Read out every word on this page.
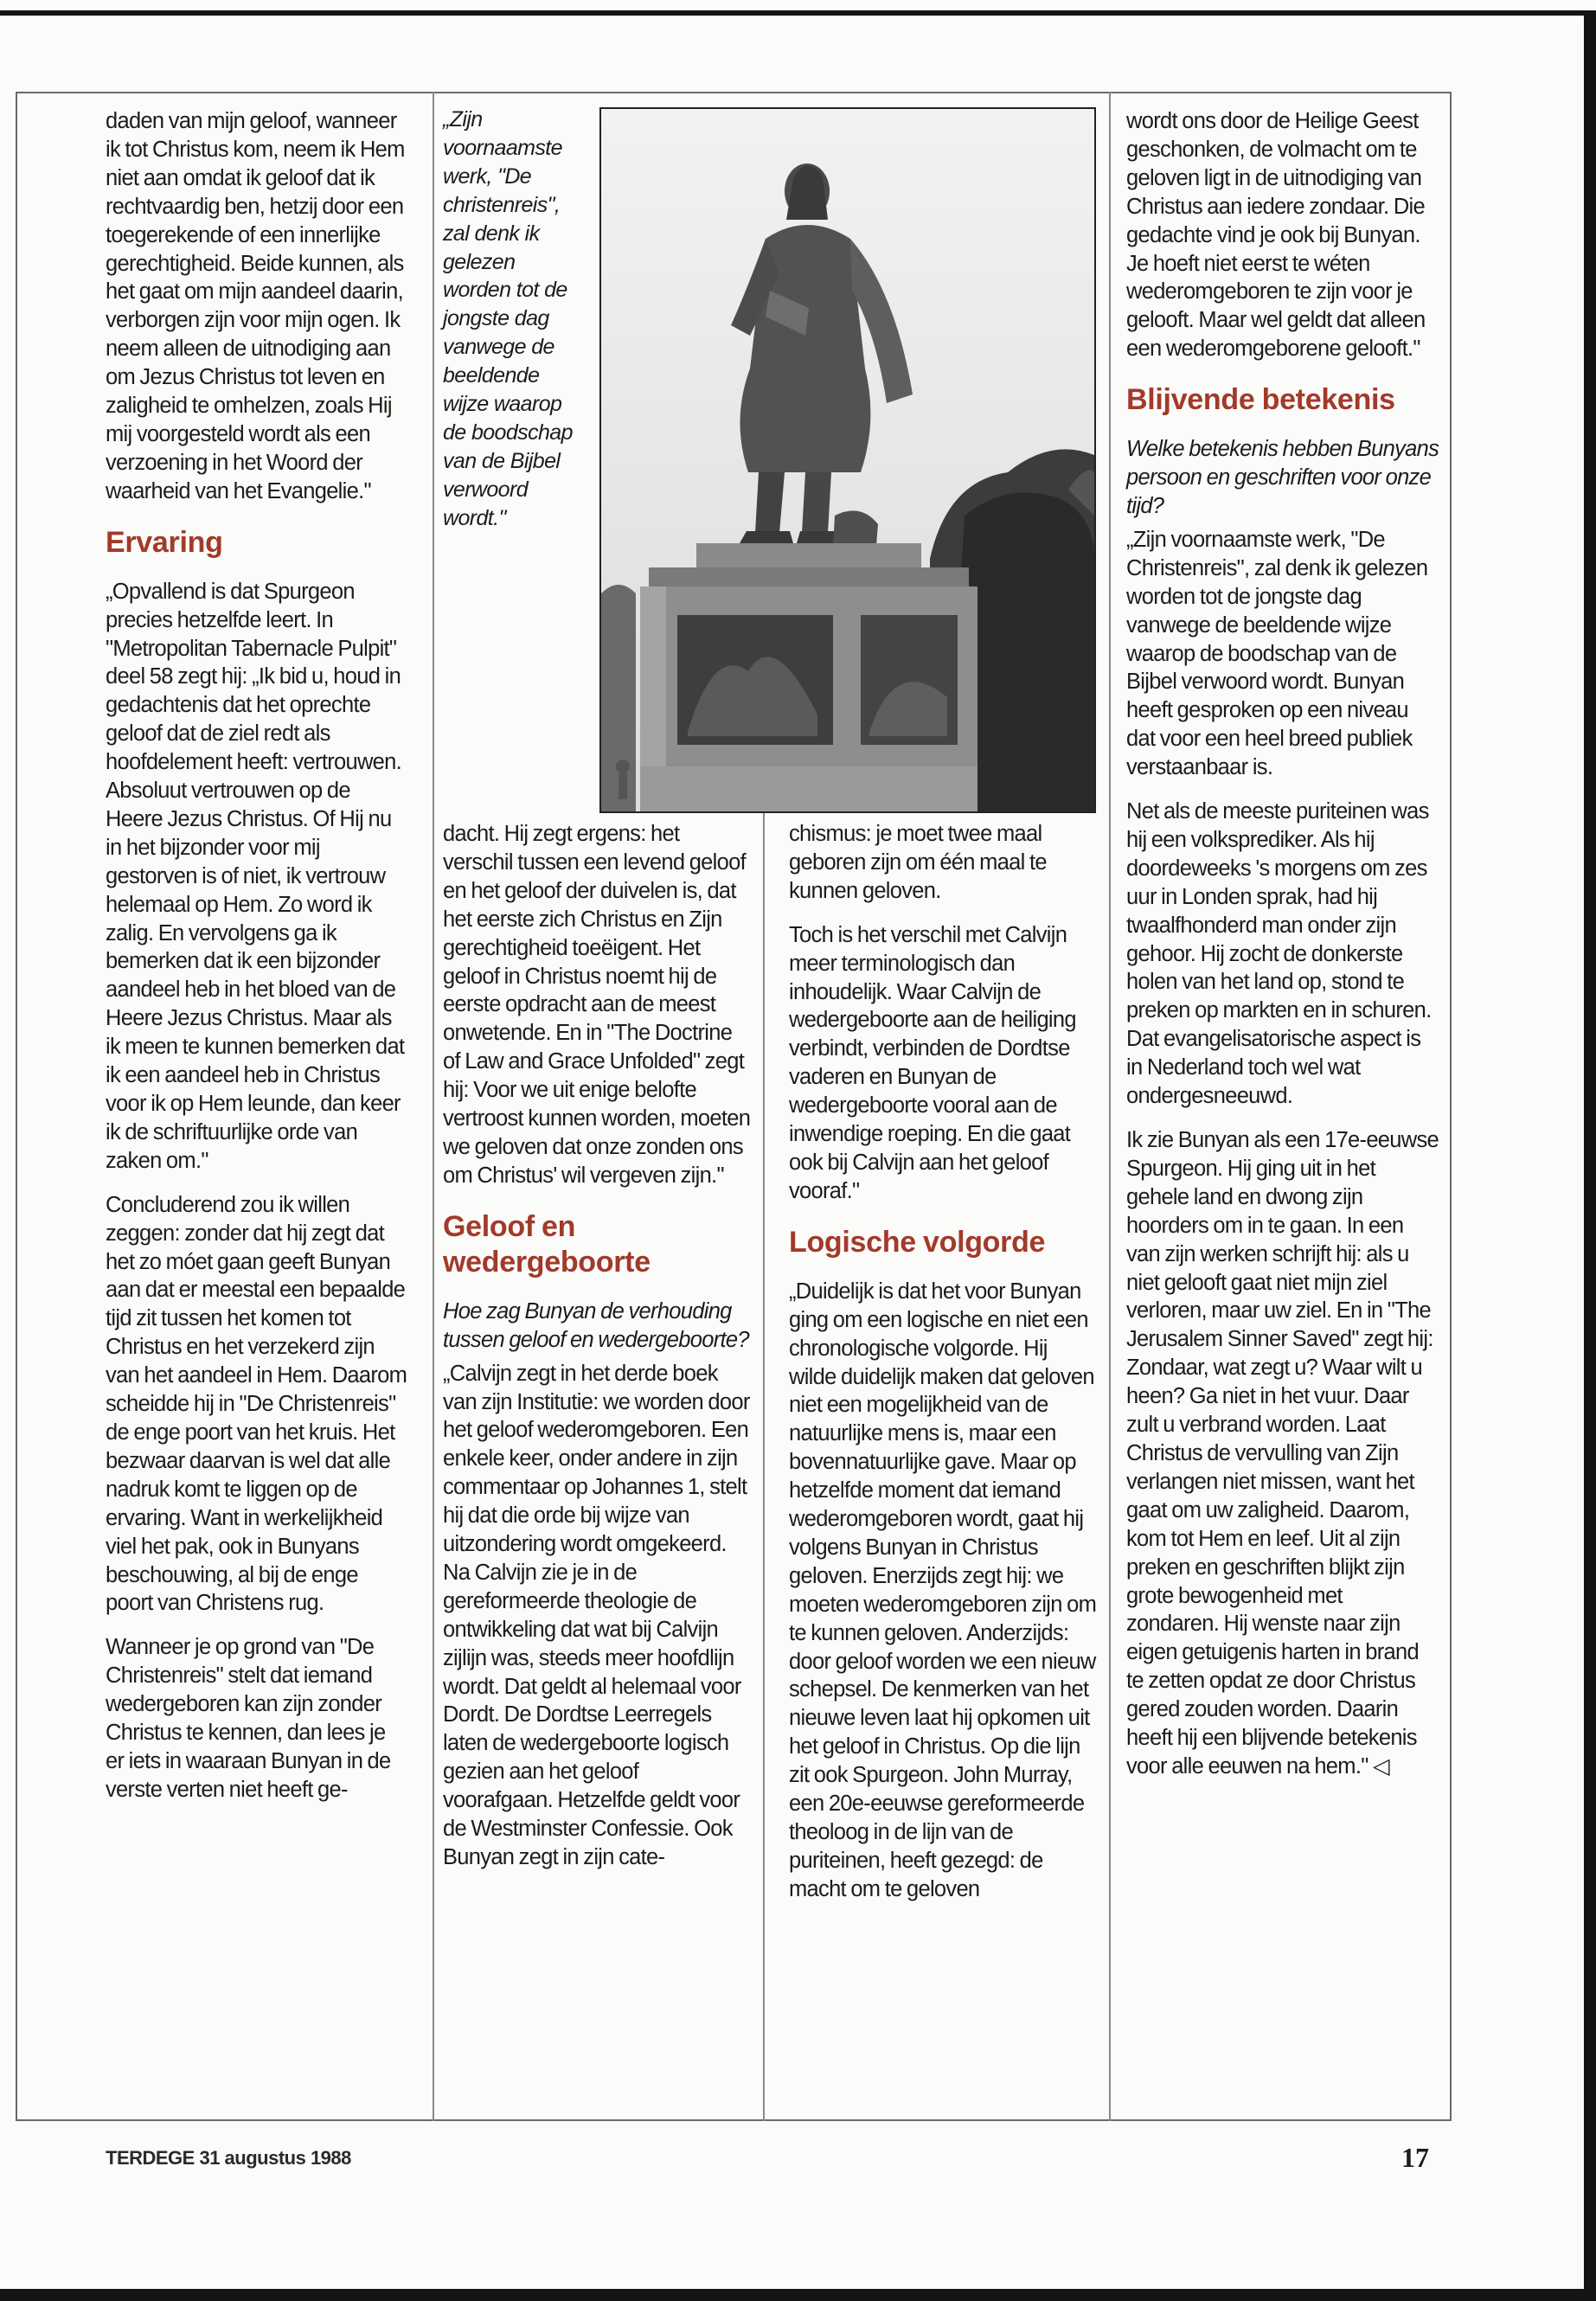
daden van mijn geloof, wanneer ik tot Christus kom, neem ik Hem niet aan omdat ik geloof dat ik rechtvaardig ben, hetzij door een toegerekende of een innerlijke gerechtigheid. Beide kunnen, als het gaat om mijn aandeel daarin, verborgen zijn voor mijn ogen. Ik neem alleen de uitnodiging aan om Jezus Christus tot leven en zaligheid te omhelzen, zoals Hij mij voorgesteld wordt als een verzoening in het Woord der waarheid van het Evangelie."

Ervaring

„Opvallend is dat Spurgeon precies hetzelfde leert. In "Metropolitan Tabernacle Pulpit" deel 58 zegt hij: „Ik bid u, houd in gedachtenis dat het oprechte geloof dat de ziel redt als hoofdelement heeft: vertrouwen. Absoluut vertrouwen op de Heere Jezus Christus. Of Hij nu in het bijzonder voor mij gestorven is of niet, ik vertrouw helemaal op Hem. Zo word ik zalig. En vervolgens ga ik bemerken dat ik een bijzonder aandeel heb in het bloed van de Heere Jezus Christus. Maar als ik meen te kunnen bemerken dat ik een aandeel heb in Christus voor ik op Hem leunde, dan keer ik de schriftuurlijke orde van zaken om."

Concluderend zou ik willen zeggen: zonder dat hij zegt dat het zo móet gaan geeft Bunyan aan dat er meestal een bepaalde tijd zit tussen het komen tot Christus en het verzekerd zijn van het aandeel in Hem. Daarom scheidde hij in "De Christenreis" de enge poort van het kruis. Het bezwaar daarvan is wel dat alle nadruk komt te liggen op de ervaring. Want in werkelijkheid viel het pak, ook in Bunyans beschouwing, al bij de enge poort van Christens rug.

Wanneer je op grond van "De Christenreis" stelt dat iemand wedergeboren kan zijn zonder Christus te kennen, dan lees je er iets in waaraan Bunyan in de verste verten niet heeft ge-

„Zijn voornaamste werk, "De christenreis", zal denk ik gelezen worden tot de jongste dag vanwege de beeldende wijze waarop de boodschap van de Bijbel verwoord wordt."

dacht. Hij zegt ergens: het verschil tussen een levend geloof en het geloof der duivelen is, dat het eerste zich Christus en Zijn gerechtigheid toeëigent. Het geloof in Christus noemt hij de eerste opdracht aan de meest onwetende. En in "The Doctrine of Law and Grace Unfolded" zegt hij: Voor we uit enige belofte vertroost kunnen worden, moeten we geloven dat onze zonden ons om Christus' wil vergeven zijn."

Geloof en wedergeboorte

Hoe zag Bunyan de verhouding tussen geloof en wedergeboorte?

„Calvijn zegt in het derde boek van zijn Institutie: we worden door het geloof wederomgeboren. Een enkele keer, onder andere in zijn commentaar op Johannes 1, stelt hij dat die orde bij wijze van uitzondering wordt omgekeerd. Na Calvijn zie je in de gereformeerde theologie de ontwikkeling dat wat bij Calvijn zijlijn was, steeds meer hoofdlijn wordt. Dat geldt al helemaal voor Dordt. De Dordtse Leerregels laten de wedergeboorte logisch gezien aan het geloof voorafgaan. Hetzelfde geldt voor de Westminster Confessie. Ook Bunyan zegt in zijn cate-

chismus: je moet twee maal geboren zijn om één maal te kunnen geloven.

Toch is het verschil met Calvijn meer terminologisch dan inhoudelijk. Waar Calvijn de wedergeboorte aan de heiliging verbindt, verbinden de Dordtse vaderen en Bunyan de wedergeboorte vooral aan de inwendige roeping. En die gaat ook bij Calvijn aan het geloof vooraf."

Logische volgorde

„Duidelijk is dat het voor Bunyan ging om een logische en niet een chronologische volgorde. Hij wilde duidelijk maken dat geloven niet een mogelijkheid van de natuurlijke mens is, maar een bovennatuurlijke gave. Maar op hetzelfde moment dat iemand wederomgeboren wordt, gaat hij volgens Bunyan in Christus geloven. Enerzijds zegt hij: we moeten wederomgeboren zijn om te kunnen geloven. Anderzijds: door geloof worden we een nieuw schepsel. De kenmerken van het nieuwe leven laat hij opkomen uit het geloof in Christus. Op die lijn zit ook Spurgeon. John Murray, een 20e-eeuwse gereformeerde theoloog in de lijn van de puriteinen, heeft gezegd: de macht om te geloven

wordt ons door de Heilige Geest geschonken, de volmacht om te geloven ligt in de uitnodiging van Christus aan iedere zondaar. Die gedachte vind je ook bij Bunyan. Je hoeft niet eerst te wéten wederomgeboren te zijn voor je gelooft. Maar wel geldt dat alleen een wederomgeborene gelooft."

Blijvende betekenis

Welke betekenis hebben Bunyans persoon en geschriften voor onze tijd?

„Zijn voornaamste werk, "De Christenreis", zal denk ik gelezen worden tot de jongste dag vanwege de beeldende wijze waarop de boodschap van de Bijbel verwoord wordt. Bunyan heeft gesproken op een niveau dat voor een heel breed publiek verstaanbaar is.

Net als de meeste puriteinen was hij een volksprediker. Als hij doordeweeks 's morgens om zes uur in Londen sprak, had hij twaalfhonderd man onder zijn gehoor. Hij zocht de donkerste holen van het land op, stond te preken op markten en in schuren. Dat evangelisatorische aspect is in Nederland toch wel wat ondergesneeuwd.

Ik zie Bunyan als een 17e-eeuwse Spurgeon. Hij ging uit in het gehele land en dwong zijn hoorders om in te gaan. In een van zijn werken schrijft hij: als u niet gelooft gaat niet mijn ziel verloren, maar uw ziel. En in "The Jerusalem Sinner Saved" zegt hij: Zondaar, wat zegt u? Waar wilt u heen? Ga niet in het vuur. Daar zult u verbrand worden. Laat Christus de vervulling van Zijn verlangen niet missen, want het gaat om uw zaligheid. Daarom, kom tot Hem en leef. Uit al zijn preken en geschriften blijkt zijn grote bewogenheid met zondaren. Hij wenste naar zijn eigen getuigenis harten in brand te zetten opdat ze door Christus gered zouden worden. Daarin heeft hij een blijvende betekenis voor alle eeuwen na hem." ◁

TERDEGE 31 augustus 1988	17
